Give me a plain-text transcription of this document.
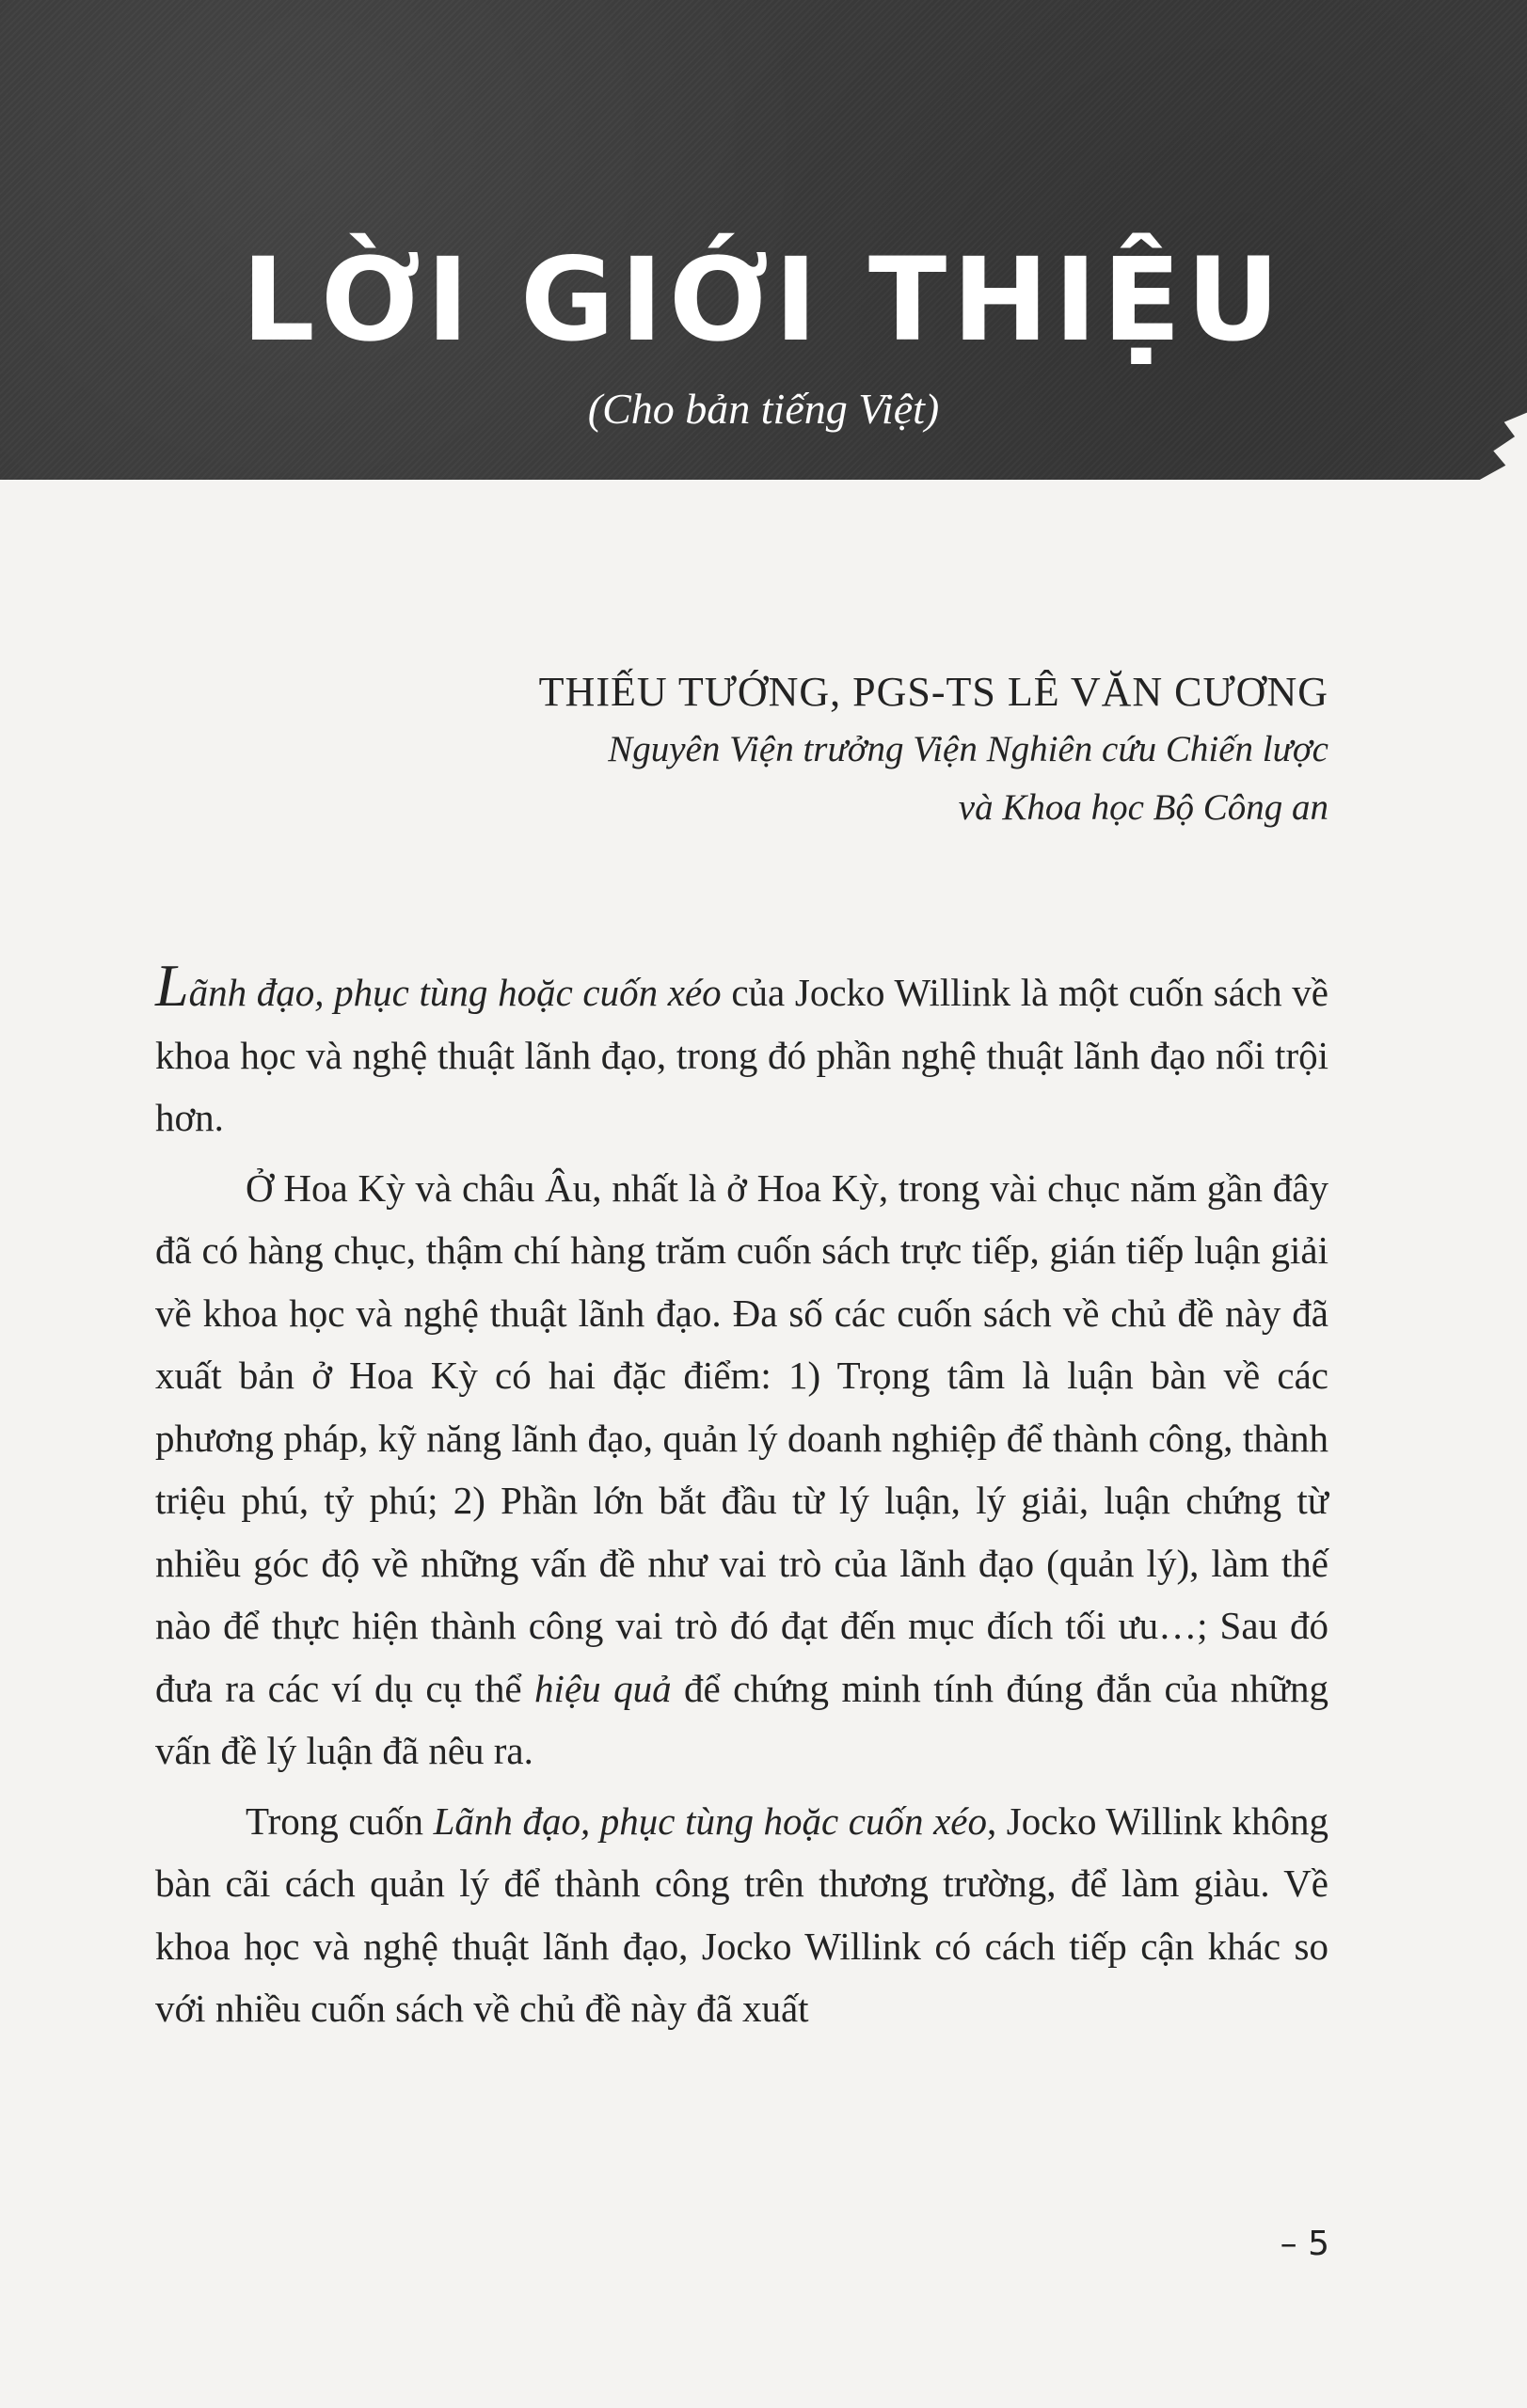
LỜI GIỚI THIỆU
(Cho bản tiếng Việt)
THIẾU TƯỚNG, PGS-TS LÊ VĂN CƯƠNG
Nguyên Viện trưởng Viện Nghiên cứu Chiến lược
và Khoa học Bộ Công an

Lãnh đạo, phục tùng hoặc cuốn xéo của Jocko Willink là một cuốn sách về khoa học và nghệ thuật lãnh đạo, trong đó phần nghệ thuật lãnh đạo nổi trội hơn.

Ở Hoa Kỳ và châu Âu, nhất là ở Hoa Kỳ, trong vài chục năm gần đây đã có hàng chục, thậm chí hàng trăm cuốn sách trực tiếp, gián tiếp luận giải về khoa học và nghệ thuật lãnh đạo. Đa số các cuốn sách về chủ đề này đã xuất bản ở Hoa Kỳ có hai đặc điểm: 1) Trọng tâm là luận bàn về các phương pháp, kỹ năng lãnh đạo, quản lý doanh nghiệp để thành công, thành triệu phú, tỷ phú; 2) Phần lớn bắt đầu từ lý luận, lý giải, luận chứng từ nhiều góc độ về những vấn đề như vai trò của lãnh đạo (quản lý), làm thế nào để thực hiện thành công vai trò đó đạt đến mục đích tối ưu…; Sau đó đưa ra các ví dụ cụ thể hiệu quả để chứng minh tính đúng đắn của những vấn đề lý luận đã nêu ra.

Trong cuốn Lãnh đạo, phục tùng hoặc cuốn xéo, Jocko Willink không bàn cãi cách quản lý để thành công trên thương trường, để làm giàu. Về khoa học và nghệ thuật lãnh đạo, Jocko Willink có cách tiếp cận khác so với nhiều cuốn sách về chủ đề này đã xuất

– 5
